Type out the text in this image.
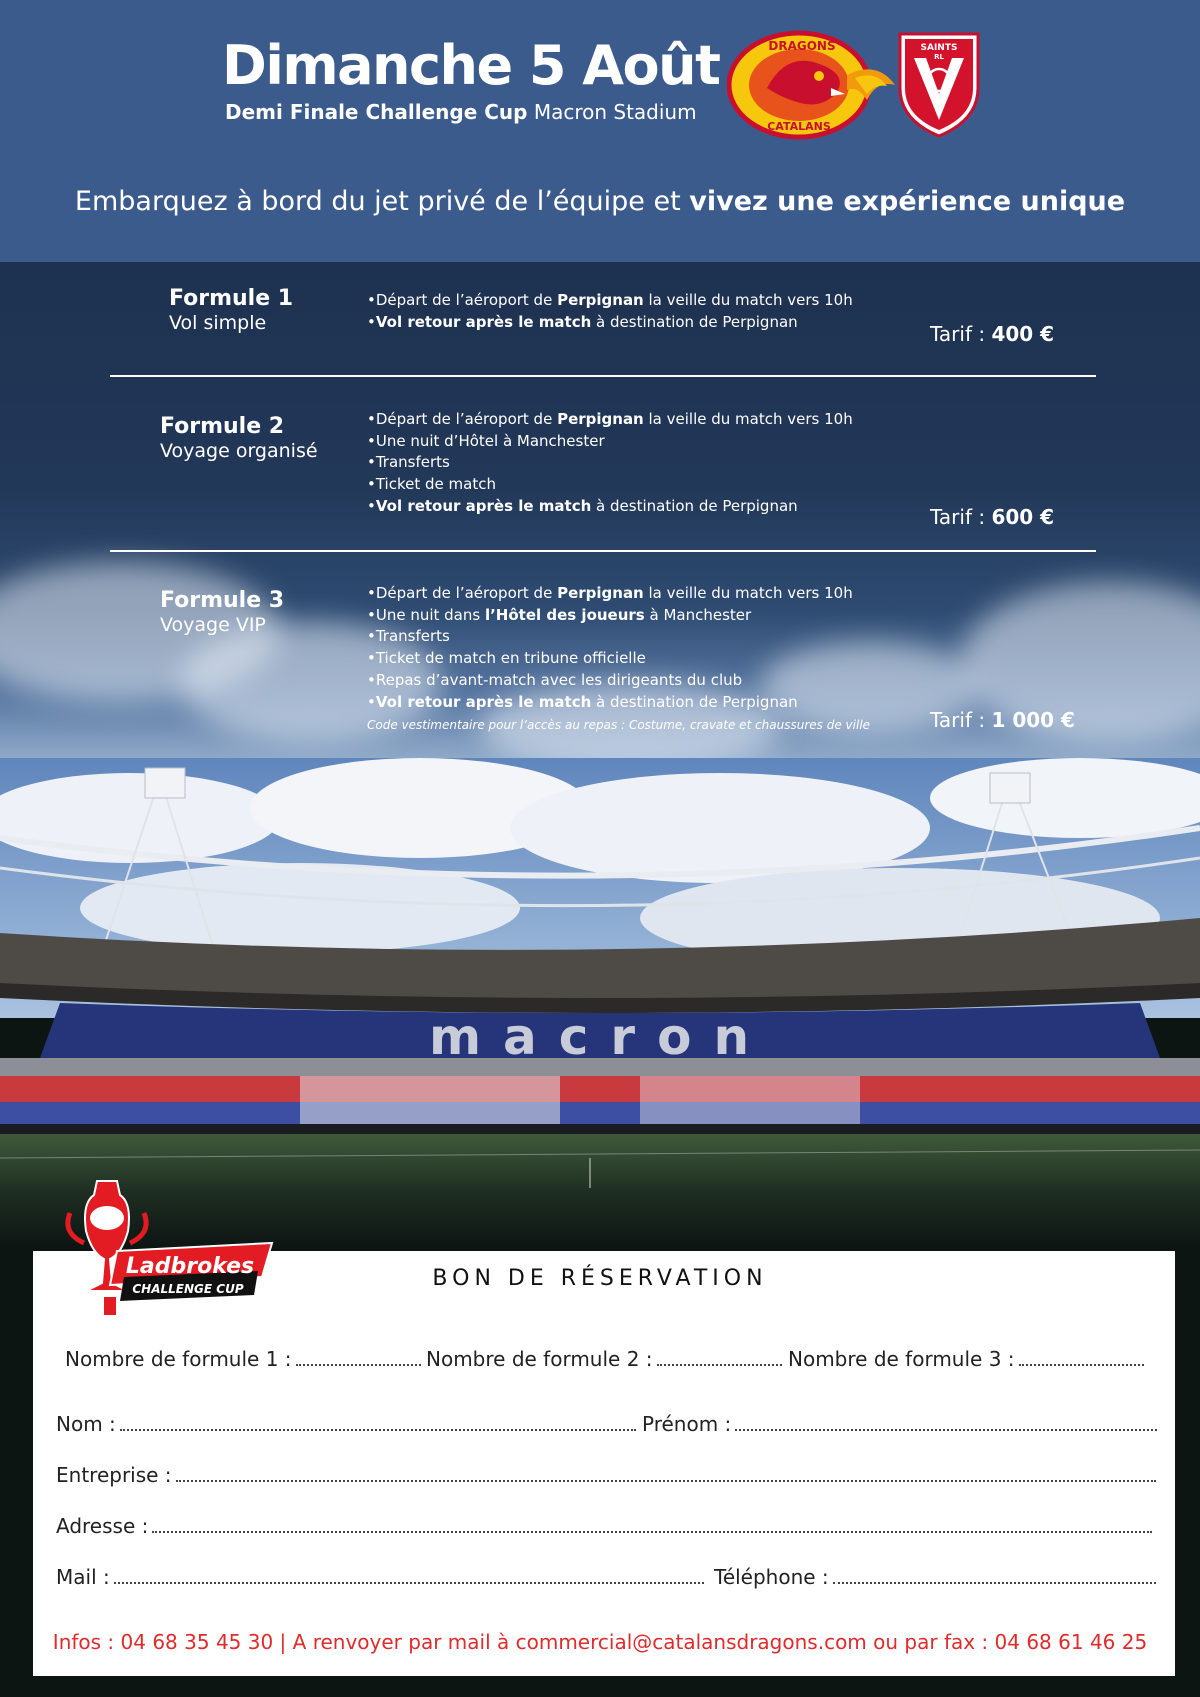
Dimanche 5 Août
Demi Finale Challenge Cup Macron Stadium
DRAGONS
CATALANS
SAINTS
RL
Embarquez à bord du jet privé de l’équipe et vivez une expérience unique
Formule 1
Vol simple
•Départ de l’aéroport de Perpignan la veille du match vers 10h
•Vol retour après le match à destination de Perpignan
Tarif : 400 €
Formule 2
Voyage organisé
•Départ de l’aéroport de Perpignan la veille du match vers 10h
•Une nuit d’Hôtel à Manchester
•Transferts
•Ticket de match
•Vol retour après le match à destination de Perpignan	Tarif : 600 €
Formule 3
Voyage VIP
•Départ de l’aéroport de Perpignan la veille du match vers 10h
•Une nuit dans l’Hôtel des joueurs à Manchester
•Transferts
•Ticket de match en tribune officielle
•Repas d’avant-match avec les dirigeants du club
•Vol retour après le match à destination de Perpignan
Code vestimentaire pour l’accès au repas : Costume, cravate et chaussures de ville	Tarif : 1 000 €
macron
Ladbrokes
CHALLENGE CUP	BON DE RÉSERVATION
Nombre de formule 1 :	Nombre de formule 2 :	Nombre de formule 3 :
Nom :	Prénom :
Entreprise :
Adresse :
Mail :	Téléphone :
Infos : 04 68 35 45 30 | A renvoyer par mail à commercial@catalansdragons.com ou par fax : 04 68 61 46 25
